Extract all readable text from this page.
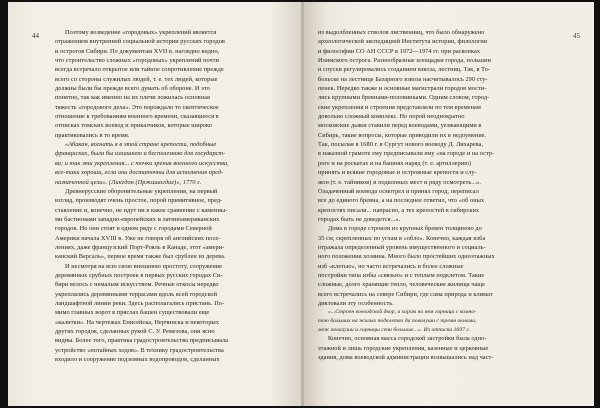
44	Поэтому возведение «городовых» укреплений является
отражением внутренней социальной истории русских городов
и острогов Сибири. По документам XVII в. наглядно видно,
что строительство сложных «городовых» укреплений почти
всегда встречало открытое или тайное сопротивление прежде
всего со стороны служилых людей, т. е. тех людей, которые
должны были бы прежде всего думать об обороне. И это
понятно, так как именно на их плечи ложилась основная
тяжесть «городового дела». Это порождало то скептическое
отношение к требованиям военного времени, сказавшееся в
отписках томских воевод и приказчиков, которые широко
практиковались в то время.
«Абакан, вогнать я в этой стране крепости, подобные
франциских, была бы излишнею и бесполезною для государст-
ва; и так эти укрепления... с точки зрения военного искусства,
все-таки хороши, если они достаточны для исполнения пред-
назначенной цели». (Лингдон (Пржишогдие)», 1770 г.
Древнерусские оборонительные укрепления, на первый
взгляд, производят очень простое, порой примитивное, пред-
ставление и, конечно, не идут ни в какое сравнение с каменны-
ми бастионами западно-европейских и латиноамериканских
городов. Но они стоят в одном ряду с городами Северной
Америки начала XVIII в. Уже не говоря об английских посе-
лениях, даже французский Порт-Рояль в Канаде, этот «амери-
канский Версаль», первое время также был срублен из дерева.
И несмотря на всю свою внешнюю простоту, сооружение
деревянных срубных построек в первых русских городах Си-
бири велось с немалым искусством. Речные откосы нередко
укреплялись деревянными террасами вдоль всей городской
ландшафтной линии реки. Здесь располагались пристань. По-
мимо главных ворот в пряслах башен существовали еще
«калитки». На чертежах Енисейска, Нерчинска и некоторых
других городов, сделанных рукой С. У. Ремезова, они ясно
видны. Более того, практика градостроительства предписывала
устройство «потайных ходов». В технику градостроительства
входило и сооружение подземных водопроводов, сделанных
45
из выдолбленных стволов лиственниц, что было обнаружено
археологической экспедицией Института истории, филологии
и философии СО АН СССР в 1972—1974 гг. при раскопках
Илимского острога. Разнообразные площадки города, польшин
и спуски регулировались созданием взвоза, лестниц. Так, в То-
больске на лестнице Базарного взвоза насчитывалось 290 сту-
пенек. Нередко также и основные магистрали городов мости-
лись крупными бревнами-половинками. Одним словом, город-
ские укрепления и строения представляли по тем временам
довольно сложный комплекс. Но порой неоднократно
московские дьяки ставили перед воеводами, уезжающими в
Сибирь, такие вопросы, которые приводили их в недоумение.
Так, посылая в 1680 г. в Сургут нового воеводу Д. Лихарева,
в наказной грамоте ему предписывали ему «на городе и на остр-
роге и на роскатах и на башнях наряд (т. е. артиллерию)
принять и всякие городовые и острожные крепости и слу-
жон (т. е. тайников) и подкопных мест и ряду осмотреть...».
Озадаченный воевода осмотрел и принял город, переписал
все до единого бревна, а на последнее ответил, что «об оных
крепостях писали... напрасно, а тех крепостей в сибирских
городах быть не доведется...».
Дома в городе строили из крупных бревен толщиною до
35 см, скрепленных по углам в «обло». Конечно, каждая изба
отражала определенный уровень имущественного и социаль-
ного положения хозяина. Много было простейших одноэтажных
изб «клетью», но часто встречались и более сложные
постройки типа избы «связью» и с теплым подклетом. Такие
сложные, долго хранящие тепло, человеческие жилища чаще
всего встречались на севере Сибири, где сама природа и климат
диктовали эту особенность.
«...Строен воеводской двор, а хором на нем горница с комна-
тою больших на жилых подклетях да повалуши с тремя окнами,
меж повалуши и горницы сени большие...». Из отписки 1697 г.
Конечно, основная масса городской застройки была одно-
этажной и лишь городские укрепления, казенные и церковные
здания, дома воеводской администрации возвышались над част-
